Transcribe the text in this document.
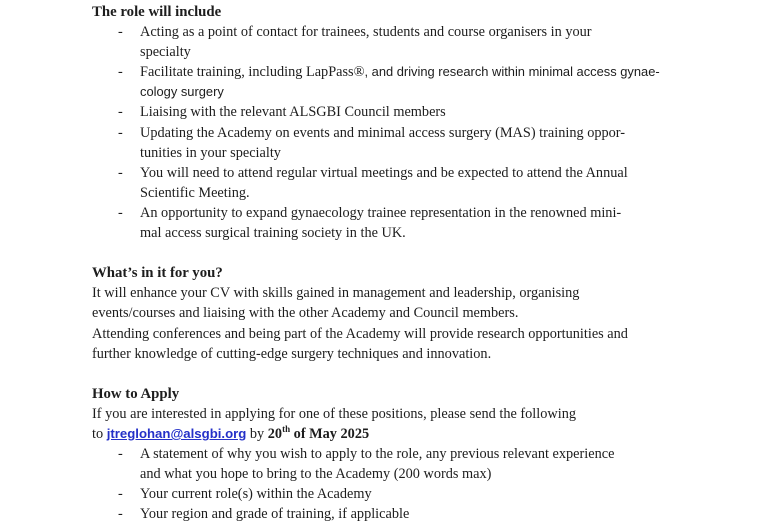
The role will include
-	Acting as a point of contact for trainees, students and course organisers in your
specialty
-	Facilitate training, including LapPass®, and driving research within minimal access gynae-
cology surgery
-	Liaising with the relevant ALSGBI Council members
-	Updating the Academy on events and minimal access surgery (MAS) training oppor-
tunities in your specialty
-	You will need to attend regular virtual meetings and be expected to attend the Annual
Scientific Meeting.
-	An opportunity to expand gynaecology trainee representation in the renowned mini-
mal access surgical training society in the UK.
What’s in it for you?
It will enhance your CV with skills gained in management and leadership, organising
events/courses and liaising with the other Academy and Council members.
Attending conferences and being part of the Academy will provide research opportunities and
further knowledge of cutting-edge surgery techniques and innovation.
How to Apply
If you are interested in applying for one of these positions, please send the following
to jtreglohan@alsgbi.org by 20th of May 2025
-	A statement of why you wish to apply to the role, any previous relevant experience
and what you hope to bring to the Academy (200 words max)
-	Your current role(s) within the Academy
-	Your region and grade of training, if applicable
